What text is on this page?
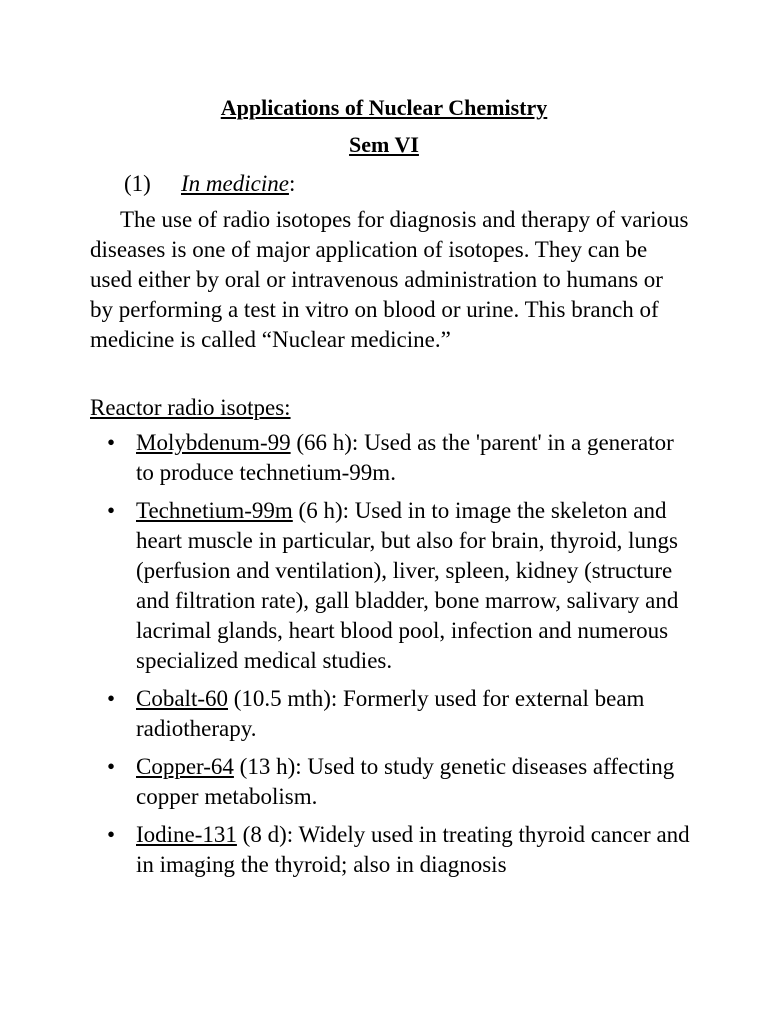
Applications of Nuclear Chemistry
Sem VI

(1) In medicine:

The use of radio isotopes for diagnosis and therapy of various diseases is one of major application of isotopes. They can be used either by oral or intravenous administration to humans or by performing a test in vitro on blood or urine. This branch of medicine is called “Nuclear medicine.”

Reactor radio isotpes:

• Molybdenum-99 (66 h): Used as the 'parent' in a generator to produce technetium-99m.
• Technetium-99m (6 h): Used in to image the skeleton and heart muscle in particular, but also for brain, thyroid, lungs (perfusion and ventilation), liver, spleen, kidney (structure and filtration rate), gall bladder, bone marrow, salivary and lacrimal glands, heart blood pool, infection and numerous specialized medical studies.
• Cobalt-60 (10.5 mth): Formerly used for external beam radiotherapy.
• Copper-64 (13 h): Used to study genetic diseases affecting copper metabolism.
• Iodine-131 (8 d): Widely used in treating thyroid cancer and in imaging the thyroid; also in diagnosis
